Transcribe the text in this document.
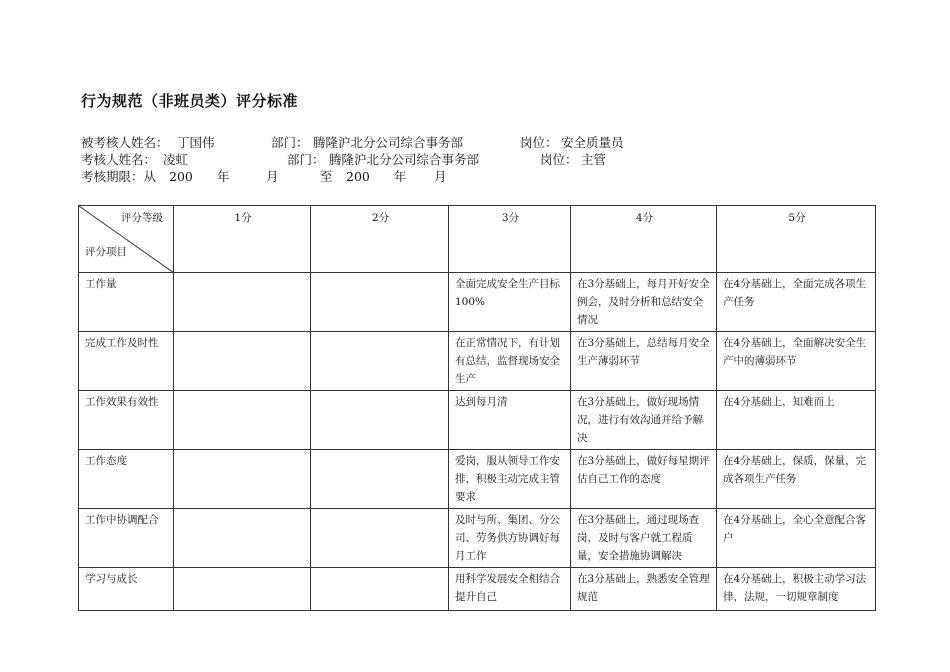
行为规范（非班员类）评分标准
被考核人姓名： 丁国伟	部门： 腾隆沪北分公司综合事务部	岗位： 安全质量员
考核人姓名： 凌虹	部门： 腾隆沪北分公司综合事务部	岗位： 主管
考核期限：从 200 年	月	至 200 年 月
评分等级
评分项目	1分	2分	3分	4分	5分
工作量			全面完成安全生产目标100%	在3分基础上，每月开好安全例会，及时分析和总结安全情况	在4分基础上，全面完成各项生产任务
完成工作及时性			在正常情况下，有计划有总结，监督现场安全生产	在3分基础上，总结每月安全生产薄弱环节	在4分基础上，全面解决安全生产中的薄弱环节
工作效果有效性			达到每月清	在3分基础上，做好现场情况，进行有效沟通并给予解决	在4分基础上，知难而上
工作态度			爱岗，服从领导工作安排，积极主动完成主管要求	在3分基础上，做好每星期评估自己工作的态度	在4分基础上，保质，保量，完成各项生产任务
工作中协调配合			及时与所、集团、分公司、劳务供方协调好每月工作	在3分基础上，通过现场查岗，及时与客户就工程质量，安全措施协调解决	在4分基础上，全心全意配合客户
学习与成长			用科学发展安全相结合提升自己	在3分基础上，熟悉安全管理规范	在4分基础上，积极主动学习法律，法规，一切规章制度
